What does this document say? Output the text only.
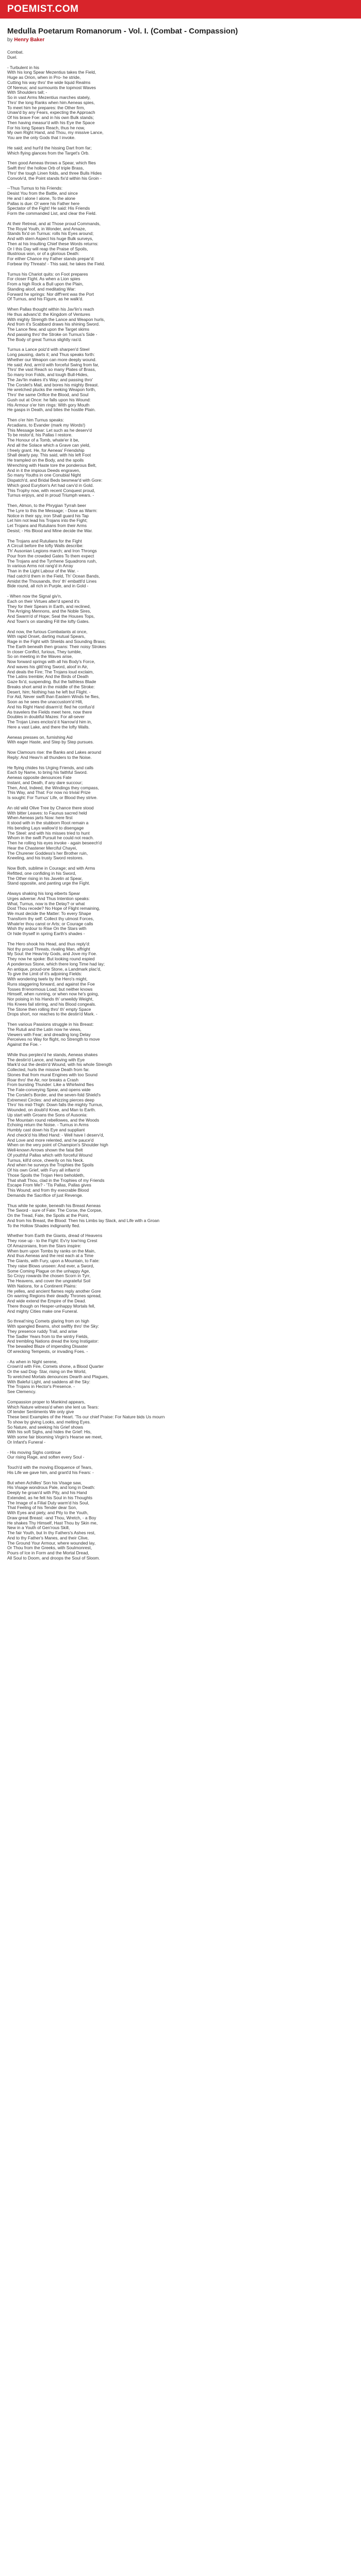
POEMIST.COM
Medulla Poetarum Romanorum - Vol. I. (Combat - Compassion)
by Henry Baker
Combat.
Duel.
- Turbulent in his
With his long Spear Mezentius takes the Field,
Huge as Orion, when in Pro- he stride,
Cutting his way thro' the wide liquid Realms
Of Nereus; and surmounts the topmost Waves
With Shoulders tall; -
So in vast Arms Mezentius marches stately,
Thro' the long Ranks when him Aeneas spies,
To meet him he prepares: the Other firm,
Unaw'd by any Fears, expecting the Approach
Of his brave Foe: and in his own Bulk stands;
Then having measur'd with his Eye the Space
For his long Spears Reach, thus he now,
My own Right Hand, and Thou, my missive Lance,
You are the only Gods that I invoke.
He said; and hurl'd the hissing Dart from far;
Which flying glances from the Target's Orb.
Then good Aeneas throws a Spear, which flies
Swift thro' the hollow Orb of triple Brass,
Thro' the tough Linen folds, and three Bulls Hides
Convolv'd, the Point stands fix'd within his Groin -
--Thus Turnus to his Friends:
Desist You from the Battle, and since
He and I alone I alone, To the alone
Pallas is due: O! were his Father here
Spectator of the Fight! He said: His Friends
Form the commanded List, and clear the Field.
At their Retreat, and at Those proud Commands,
The Royal Youth, in Wonder, and Amaze,
Stands fix'd on Turnus: rolls his Eyes around;
And with stern Aspect his huge Bulk surveys,
Then at his Insulting Chief these Words returns:
Or I this Day will reap the Praise of Spoils,
Illustrious won, or of a glorious Death:
For either Chance my Father stands prepar'd:
Forbear thy Threats! - This said, he takes the Field.
Turnus his Chariot quits: on Foot prepares
For closer Fight. As when a Lion spies
From a high Rock a Bull upon the Plain,
Standing aloof, and meditating War:
Forward he springs: Nor diff'rent was the Port
Of Turnus, and his Figure, as he walk'd.
When Pallas thought within his Jav'lin's reach
He thus advanc'd: the Kingdom of Ventures
With mighty Strength the Lance and Weapon hurls,
And from it's Scabbard draws his shining Sword.
The Lance flew, and upon the Target skims
And passing thro' the Stroke on Turnus's Side -
The Body of great Turnus slightly ras'd.
Turnus a Lance poiz'd with sharpen'd Steel
Long pausing, darts it; and Thus speaks forth:
Whether our Weapon can more deeply wound.
He said: And, arm'd with forceful Swing from far,
Thro' the vast Reach so many Plates of Brass,
So many Iron Folds, and tough Bull-Hides,
The Jav'lin makes it's Way; and passing thro'
The Corslet's Mail, and bores his mighty Breast.
He wretched plucks the reeking Weapon forth,
Thro' the same Orifice the Blood, and Soul
Gush out at Once: he falls upon his Wound:
His Armour o'er him rings: With gory Mouth
He gasps in Death, and bites the hostile Plain.
Then o'er him Turnus speaks:
Arcadians, to Evander (mark my Words!)
This Message bear: Let such as he deserv'd
To be restor'd, his Pallas I restore.
The Honour of a Tomb, whate'er it be,
And all the Solace which a Grave can yield,
I freely grant. He, for Aeneas' Friendship
Shall dearly pay. This said, with his left Foot
He trampled on the Body, and the spoils
Wrenching with Haste tore the ponderous Belt,
And in it the impious Deeds engraven,
So many Youths in one Conubial Night
Dispatch'd, and Bridal Beds besmear'd with Gore:
Which good Eurytion's Art had carv'd in Gold.
This Trophy now, with recent Conquest proud,
Turnus enjoys, and in proud Triumph wears. -
Then, Almon, to the Phrygian Tyrrah beer
The Lyre to this the Message; - Dose as Warm:
Notice in their spy, iron Shall guard his Tap
Let him not lead his Trojans into the Fight;
Let Trojans and Rutulians from their Arms
Desist; - His Blood and Mine decide the War.
The Trojans and Rutulians for the Fight
A Circuit before the lofty Walls describe:
Th' Ausonian Legions march; and Iron Throngs
Pour from the crowded Gates To them expect
The Trojans and the Tyrrhene Squadrons rush,
In various Arms not rang'd in Array
Than in the Light Labour of the War. -
Had catch'd them in the Field, Th' Ocean Bands,
Amidst the Thousands, thro' th' embattl'd Lines
Bide round, all rich in Purple, and in Gold -
- When now the Signal giv'n,
Each on their Virtues alter'd spend it's
They for their Spears in Earth, and reclined,
The Arriging Mennons, and the Noble Sires,
And Swarm'd of Hope; Seal the Houses Tops,
And Town's on standing Fill the lofty Gates.
And now, the furious Combatants at once,
With rapid Onset, darting mutual Spears,
Rage in the Fight with Shields and Sounding Brass;
The Earth beneath then groans: Their noisy Strokes
In closer Conflict, furious, They tumble,
So on meeting in the Waves arise,
Now forward springs with all his Body's Force,
And waves his glitt'ring Sword, aloof in Air,
And deals the Fire; The Trojans loud exclaim,
The Latins tremble; And the Birds of Death
Gaze fix'd, suspending. But the faithless Blade
Breaks short amid in the middle of the Stroke:
Desert, him; Nothing has he left but Flight. -
For Aid, Never swift than Eastern Winds he flies,
Soon as he sees the unaccustom'd Hilt,
And his Right Hand disarm'd: fled he confus'd
As travelers the Fields meet here, now there
Doubles in doubtful Mazes: For all-sever
The Trojan Lines enclos'd it Narrow'd him in,
Here a vast Lake, and there the lofty Walls.
Aeneas presses on, furnishing Aid
With eager Haste, and Step by Step pursues.
Now Clamours rise: the Banks and Lakes around
Reply: And Heav'n all thunders to the Noise.
He flying chides his Urging Friends, and calls
Each by Name, to bring his faithful Sword.
Aeneas opposite denounces Fate
Instant, and Death, if any dare succour;
Then, And, Indeed, the Windings they compass,
This Way, and That: For now no trivial Prize
Is sought: For Turnus' Life, or Blood they strive.
An old wild Olive Tree by Chance there stood
With bitter Leaves: to Faunus sacred held
When Aeneas jarts Now: here first
It stood with in the stubborn Root remain a
His bending Lays wallow'd to disengage
The Steel: and with his misses tried to hunt
Whom in the swift Pursuit he could not reach.
Then he rolling his eyes invoke - again beseech'd
Hear the Chastener Merciful Chayei,
The Churener Goddess's her Brother ruin,
Kneeling, and his trusty Sword restores.
Now Both, sublime in Courage; and with Arms
Refitted, one confiding in his Sword,
The Other rising in his Javelin at Spear,
Stand opposite, and panting urge the Fight.
Always shaking his long eiberts Spear
Urges adverse: And Thus Intention speaks:
What, Turnus, now is the Delay? or what
Dost Thou recede? No Hope of Flight remaining,
We must decide the Matter: To every Shape
Transform thy self: Collect thy utmost Forces,
Whate'er thou canst or Arts; or Courage calls
Wish thy ardour to Rise On the Stars with
Or hide thyself in spring Earth's shades -
The Hero shook his Head, and thus reply'd:
Not thy proud Threats, rivaling Man, affright
My Soul: the Heav'nly Gods, and Jove my Foe.
They now he spoke: But looking round espied
A ponderous Stone, which there long Time had lay;
An antique, proud-one Stone, a Landmark plac'd,
To give the Limit of it's adjoining Fields:
With wondering twelv by the Hero's might,
Runs staggering forward, and against the Foe
Tosses th'enormous Load; but neither knows
Himself, when running, or when now he's going,
Nor poising in his Hands th' unweildy Weight,
His Knees fail stirring, and his Blood congeals.
The Stone then rolling thro' th' empty Space
Drops short, nor reaches to the destin'd Mark. -
Then various Passions struggle in his Breast:
The Rutuli and the Latin now he views,
Viewers with Fear; and dreading long Delay
Perceives no Way for flight, no Strength to move
Against the Foe. -
While thus perplex'd he stands, Aeneas shakes
The destin'd Lance, and having with Eye
Mark'd out the destin'd Wound, with his whole Strength
Collected, hurls the missive Death from far.
Stones that from mural Engines with too Sound
Roar thro' the Air, nor breaks a Crash
From bursting Thunder: Like a Whirlwind flies
The Fate-conveying Spear, and opens wide
The Corslet's Border, and the seven-fold Shield's
Extremest Circles: and whizzing pierces deep
Thro' his mid-Thigh: Down falls the mighty Turnus,
Wounded, on doubl'd Knee, and Man to Earth.
Up start with Groans the Sons of Ausonia:
The Mountain round rebellowes, and the Woods
Echoing return the Noise. - Turnus in Arms
Humbly cast down his Eye and suppliant
And check'd his lifted Hand: - Well have I deserv'd,
And Love and more relented, and he pauce'd
When on the very point of Champion's Shoulder high
Well-known Arrows shown the fatal Belt
Of youthful Pallas which with forceful Wound
Turnus, kill'd once, cheerily on his Neck.
And when he surveys the Trophies the Spoils
Of his own Grief, with Fury all inflam'd
Those Spoils the Trojan Hero beholdeth,
That shalt Thou, clad in the Trophies of my Friends
Escape From Me? - 'Tis Pallas, Pallas gives
This Wound; and from thy execrable Blood
Demands the Sacrifice of just Revenge.
Thus while he spoke, beneath his Breast Aeneas
The Sword - sure of Fate: The Corse, the Corpse,
On the Tread, Fate, the Spoils at the Point,
And from his Breast, the Blood: Then his Limbs lay Slack, and Life with a Groan
To the Hollow Shades indignantly fled.
Whether from Earth the Giants, dread of Heavens
They rose up - to the Fight: Ev'ry tow'ring Crest
Of Amazonians, from the Stars inspire:
When burn upon Tombs by ranks on the Main,
And thus Aeneas and the rest each at a Time
The Giants, with Fury, upon a Mountain, to Fate:
They raise Blows unseen: And ever, a Sword,
Some Coming Plague on the unhappy Age,
So Croyy rowards the chosen Scorn in Tyrr,
The Heavens, and cover the ungrateful Soil
With Nations, for a Continent Plains:
He yelles, and ancient flames reply another Gore
On warring Regions their deadly Thrones spread,
And wide extend the Empire of the Dead.
There though on Hesper-unhappy Mortals fell,
And mighty Cities make one Funeral.
So threat'ning Comets glaring from on high
With spangled Beams, shot swiftly thro' the Sky:
They presence ruddy Trail, and arise
The Sadler Years from to the wintry Fields,
And trembling Nations dread the long Instigator:
The bewailed Blaze of impending Disaster
Of wrecking Tempests, or invading Foes. -
- As when in Night serene,
Crown'd with Fire, Comets shone, a Blood Quarter
Or the sad Dog- Star, rising on the World,
To wretched Mortals denounces Dearth and Plagues,
With Baleful Light, and saddens all the Sky:
The Trojans in Hector's Presence. -
See Clemency.
Compassion proper to Mankind appears,
Which Nature witness'd when she lent us Tears:
Of tender Sentiments We only give
These best Examples of the Heart. 'Tis our chief Praise: For Nature bids Us mourn
To show by giving Looks, and melting Eyes.
So Nature, and seeking his Grief shows
With his soft Sighs, and hides the Grief: His,
With some fair blooming Virgin's Hearse we meet,
Or Infant's Funeral -
- His moving Sighs continue
Our rising Rage, and soften every Soul -
Touch'd with the moving Eloquence of Tears,
His Life we gave him, and grant'd his Fears: -
But when Achilles' Son his Visage saw,
His Visage wondrous Pale, and long in Death:
Deeply he groan'd with Pity, and his Hand
Extended, as he felt his Soul in his Thoughts
The Image of a Filial Duty warm'd his Soul,
That Feeling of his Tender dear Son,
With Eyes and piety, and Pity to the Youth,
Draw great Breast: -and Thou, Wretch, - a Boy
He shakes Thy Himself, Hast Thou by Skin me,
New in a Youth of Gen'rous Skill,
The fair Youth, but In thy Fathers's Ashes rest,
And to thy Father's Manes, and their Clive,
The Ground Your Armour, where wounded lay,
Or Thou from the Greeks, with Soulmonrest,
Pours of Ice in Form and the Mortal Dread,
All Soul to Doom, and droops the Soul of Sloom.
